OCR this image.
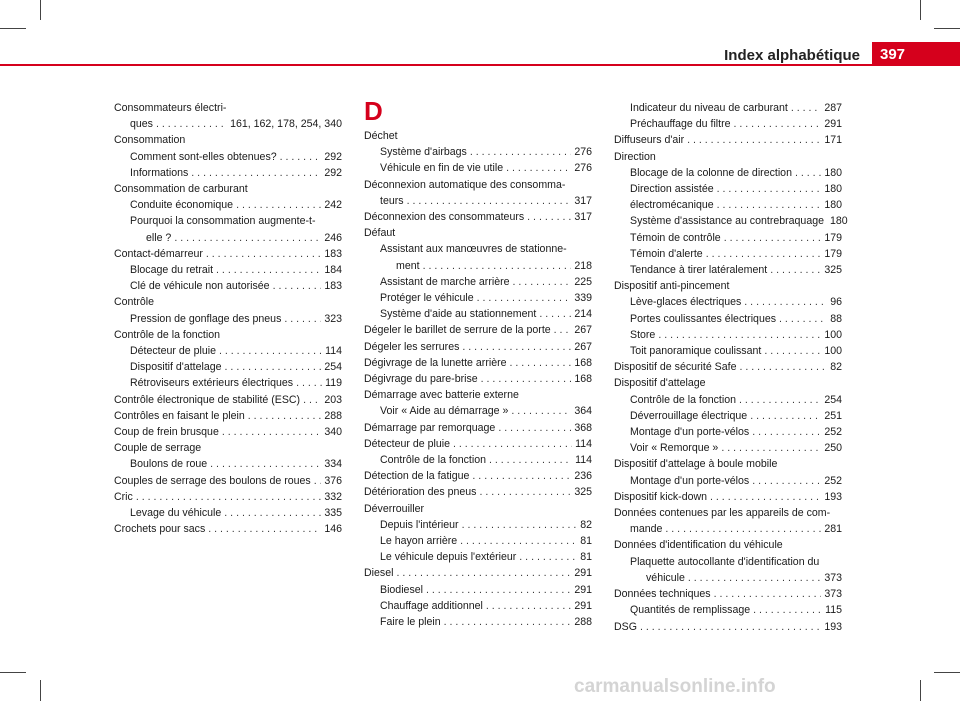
Index alphabétique 397
Consommateurs électri-
ques . . .	161, 162, 178, 254, 340
Consommation
Comment sont-elles obtenues? . . .	292
Informations . . .	292
Consommation de carburant
Conduite économique . . .	242
Pourquoi la consommation augmente-t-
elle ? . . .	246
Contact-démarreur . . .	183
Blocage du retrait . . .	184
Clé de véhicule non autorisée . . .	183
Contrôle
Pression de gonflage des pneus . . .	323
Contrôle de la fonction
Détecteur de pluie . . .	114
Dispositif d'attelage . . .	254
Rétroviseurs extérieurs électriques . . .	119
Contrôle électronique de stabilité (ESC) . . . 203
Contrôles en faisant le plein . . .	288
Coup de frein brusque . . .	340
Couple de serrage
Boulons de roue . . .	334
Couples de serrage des boulons de roues . . . 376
Cric . . .	332
Levage du véhicule . . .	335
Crochets pour sacs . . .	146
D
Déchet
Système d'airbags . . .	276
Véhicule en fin de vie utile . . .	276
Déconnexion automatique des consomma-
teurs . . .	317
Déconnexion des consommateurs . . .	317
Défaut
Assistant aux manœuvres de stationne-
ment . . .	218
Assistant de marche arrière . . .	225
Protéger le véhicule . . .	339
Système d'aide au stationnement . . .	214
Dégeler le barillet de serrure de la porte . . . 267
Dégeler les serrures . . .	267
Dégivrage de la lunette arrière . . .	168
Dégivrage du pare-brise . . .	168
Démarrage avec batterie externe
Voir « Aide au démarrage » . . .	364
Démarrage par remorquage . . .	368
Détecteur de pluie . . .	114
Contrôle de la fonction . . .	114
Détection de la fatigue . . .	236
Détérioration des pneus . . .	325
Déverrouiller
Depuis l'intérieur . . .	82
Le hayon arrière . . .	81
Le véhicule depuis l'extérieur . . .	81
Diesel . . .	291
Biodiesel . . .	291
Chauffage additionnel . . .	291
Faire le plein . . .	288
Indicateur du niveau de carburant . . .	287
Préchauffage du filtre . . .	291
Diffuseurs d'air . . .	171
Direction
Blocage de la colonne de direction . . .	180
Direction assistée . . .	180
électromécanique . . .	180
Système d'assistance au contrebraquage 180
Témoin de contrôle . . .	179
Témoin d'alerte . . .	179
Tendance à tirer latéralement . . .	325
Dispositif anti-pincement
Lève-glaces électriques . . .	96
Portes coulissantes électriques . . .	88
Store . . .	100
Toit panoramique coulissant . . .	100
Dispositif de sécurité Safe . . .	82
Dispositif d'attelage
Contrôle de la fonction . . .	254
Déverrouillage électrique . . .	251
Montage d'un porte-vélos . . .	252
Voir « Remorque » . . .	250
Dispositif d'attelage à boule mobile
Montage d'un porte-vélos . . .	252
Dispositif kick-down . . .	193
Données contenues par les appareils de com-
mande . . .	281
Données d'identification du véhicule
Plaquette autocollante d'identification du
véhicule . . .	373
Données techniques . . .	373
Quantités de remplissage . . .	115
DSG . . .	193
carmanualsonline.info
